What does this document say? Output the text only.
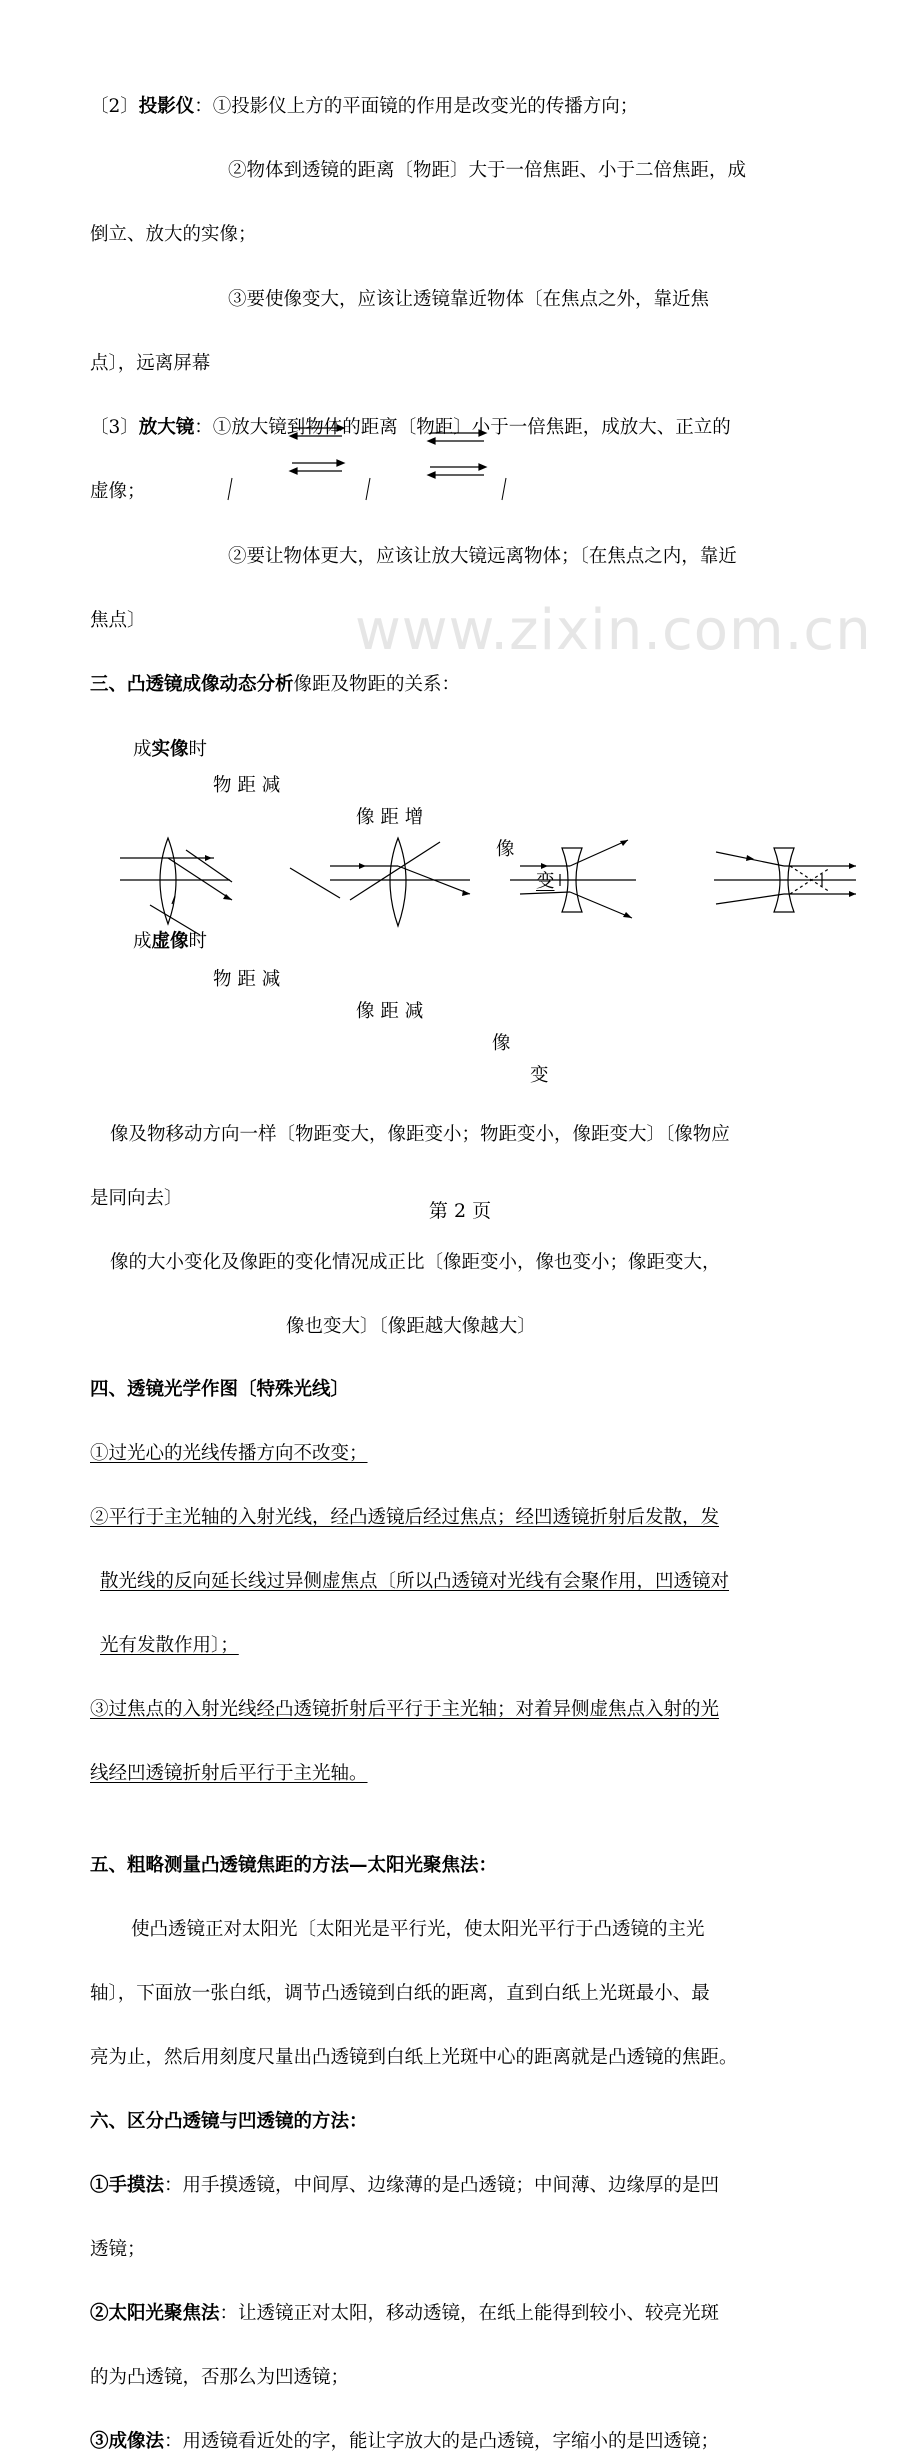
www.zixin.com.cn
〔2〕投影仪：①投影仪上方的平面镜的作用是改变光的传播方向；
②物体到透镜的距离〔物距〕大于一倍焦距、小于二倍焦距，成
倒立、放大的实像；
③要使像变大，应该让透镜靠近物体〔在焦点之外，靠近焦
点〕，远离屏幕
〔3〕放大镜：①放大镜到物体的距离〔物距〕小于一倍焦距，成放大、正立的
虚像；
②要让物体更大，应该让放大镜远离物体；〔在焦点之内，靠近
焦点〕
三、凸透镜成像动态分析像距及物距的关系：
成实像时
物 距 减
像 距 增
像
变
成虚像时
物 距 减
像 距 减
像
变
像及物移动方向一样〔物距变大，像距变小；物距变小，像距变大〕〔像物应
是同向去〕
像的大小变化及像距的变化情况成正比〔像距变小，像也变小；像距变大，
像也变大〕〔像距越大像越大〕
四、透镜光学作图〔特殊光线〕
①过光心的光线传播方向不改变；
②平行于主光轴的入射光线，经凸透镜后经过焦点；经凹透镜折射后发散，发
散光线的反向延长线过异侧虚焦点〔所以凸透镜对光线有会聚作用，凹透镜对
光有发散作用〕；
③过焦点的入射光线经凸透镜折射后平行于主光轴；对着异侧虚焦点入射的光
线经凹透镜折射后平行于主光轴。
五、粗略测量凸透镜焦距的方法—太阳光聚焦法：
使凸透镜正对太阳光〔太阳光是平行光，使太阳光平行于凸透镜的主光
轴〕，下面放一张白纸，调节凸透镜到白纸的距离，直到白纸上光斑最小、最
亮为止，然后用刻度尺量出凸透镜到白纸上光斑中心的距离就是凸透镜的焦距。
六、区分凸透镜与凹透镜的方法：
①手摸法：用手摸透镜，中间厚、边缘薄的是凸透镜；中间薄、边缘厚的是凹
透镜；
②太阳光聚焦法：让透镜正对太阳，移动透镜，在纸上能得到较小、较亮光斑
的为凸透镜，否那么为凹透镜；
③成像法：用透镜看近处的字，能让字放大的是凸透镜，字缩小的是凹透镜；
第 2 页
